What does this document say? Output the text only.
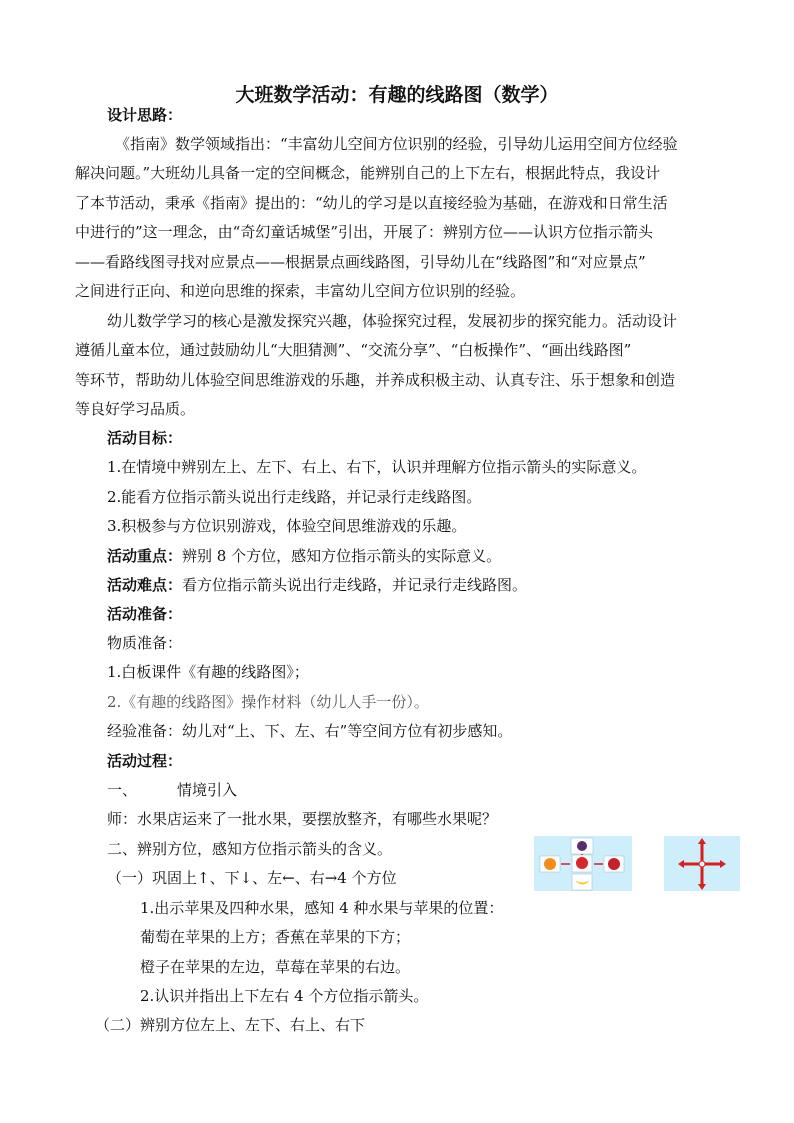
大班数学活动：有趣的线路图（数学）
设计思路：
《指南》数学领域指出：“丰富幼儿空间方位识别的经验，引导幼儿运用空间方位经验
解决问题。”大班幼儿具备一定的空间概念，能辨别自己的上下左右，根据此特点，我设计
了本节活动，秉承《指南》提出的：“幼儿的学习是以直接经验为基础，在游戏和日常生活
中进行的”这一理念，由“奇幻童话城堡”引出，开展了：辨别方位——认识方位指示箭头
——看路线图寻找对应景点——根据景点画线路图，引导幼儿在“线路图”和“对应景点”
之间进行正向、和逆向思维的探索，丰富幼儿空间方位识别的经验。
幼儿数学学习的核心是激发探究兴趣，体验探究过程，发展初步的探究能力。活动设计
遵循儿童本位，通过鼓励幼儿“大胆猜测”、“交流分享”、“白板操作”、“画出线路图”
等环节，帮助幼儿体验空间思维游戏的乐趣，并养成积极主动、认真专注、乐于想象和创造
等良好学习品质。
活动目标：
1.在情境中辨别左上、左下、右上、右下，认识并理解方位指示箭头的实际意义。
2.能看方位指示箭头说出行走线路，并记录行走线路图。
3.积极参与方位识别游戏，体验空间思维游戏的乐趣。
活动重点：辨别 8 个方位，感知方位指示箭头的实际意义。
活动难点：看方位指示箭头说出行走线路，并记录行走线路图。
活动准备：
物质准备：
1.白板课件《有趣的线路图》；
2.《有趣的线路图》操作材料（幼儿人手一份）。
经验准备：幼儿对“上、下、左、右”等空间方位有初步感知。
活动过程：
一、	情境引入
师：水果店运来了一批水果，要摆放整齐，有哪些水果呢？
二、辨别方位，感知方位指示箭头的含义。
（一）巩固上↑、下↓、左←、右→4 个方位
1.出示苹果及四种水果，感知 4 种水果与苹果的位置：
葡萄在苹果的上方；香蕉在苹果的下方；
橙子在苹果的左边，草莓在苹果的右边。
2.认识并指出上下左右 4 个方位指示箭头。
（二）辨别方位左上、左下、右上、右下
